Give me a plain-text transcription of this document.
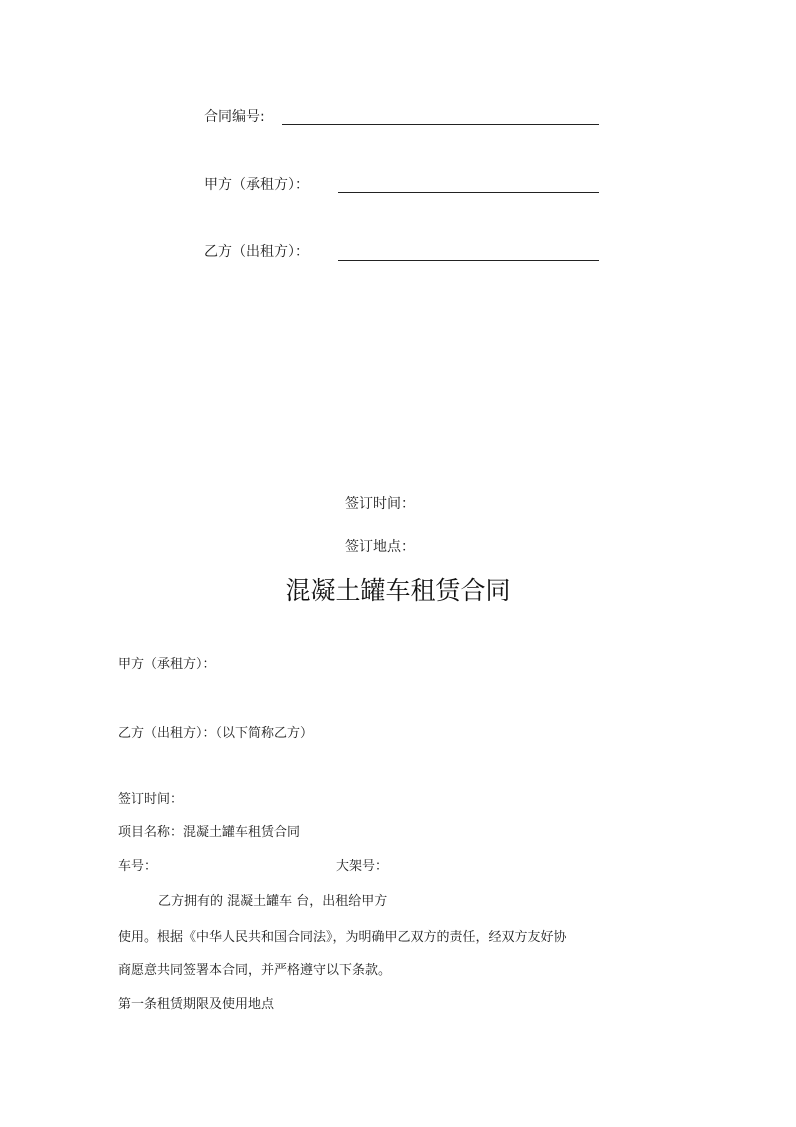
合同编号:
甲方（承租方）：
乙方（出租方）：
签订时间：
签订地点：
混凝土罐车租赁合同
甲方（承租方）：
乙方（出租方）：（以下简称乙方）
签订时间：
项目名称：混凝土罐车租赁合同
车号：	大架号：
乙方拥有的 混凝土罐车 台，出租给甲方
使用。根据《中华人民共和国合同法》，为明确甲乙双方的责任，经双方友好协
商愿意共同签署本合同，并严格遵守以下条款。
第一条租赁期限及使用地点
